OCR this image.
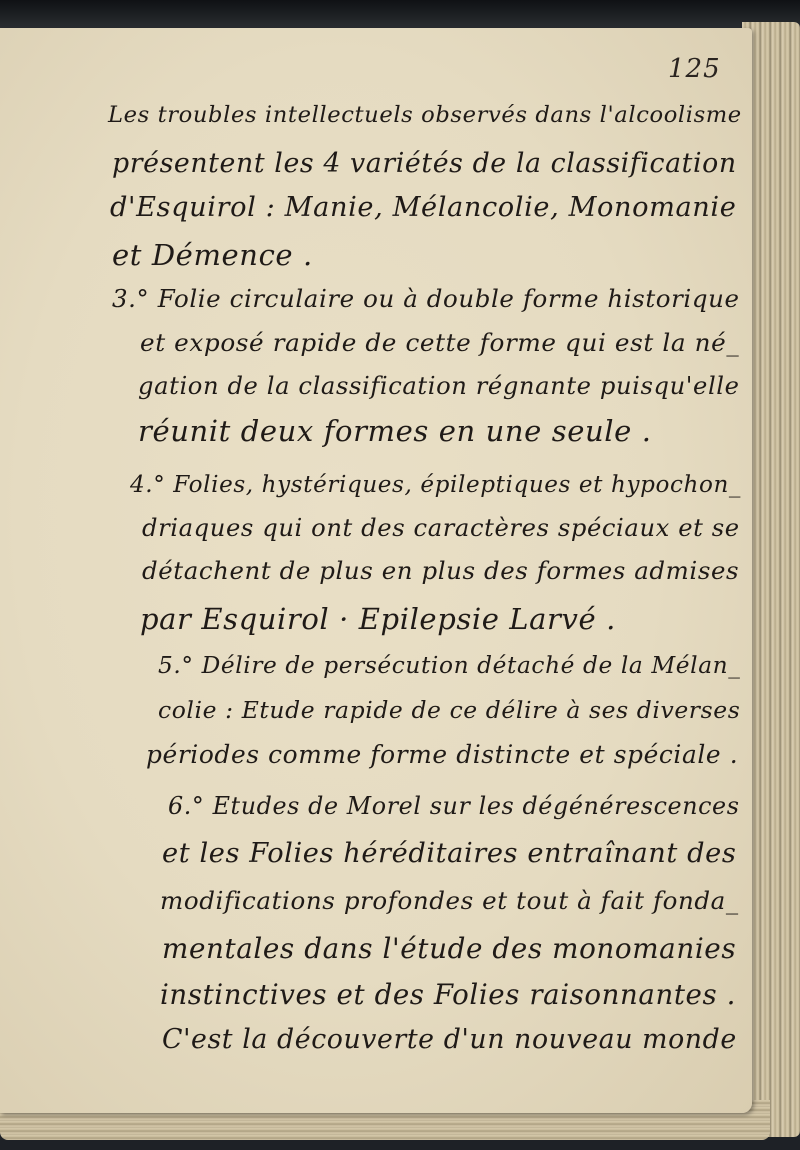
125
Les troubles intellectuels observés dans l'alcoolisme
présentent les 4 variétés de la classification
d'Esquirol : Manie, Mélancolie, Monomanie
et Démence .
3.° Folie circulaire ou à double forme historique
et exposé rapide de cette forme qui est la né_
gation de la classification régnante puisqu'elle
réunit deux formes en une seule .
4.° Folies, hystériques, épileptiques et hypochon_
driaques qui ont des caractères spéciaux et se
détachent de plus en plus des formes admises
par Esquirol · Epilepsie Larvé .
5.° Délire de persécution détaché de la Mélan_
colie : Etude rapide de ce délire à ses diverses
périodes comme forme distincte et spéciale .
6.° Etudes de Morel sur les dégénérescences
et les Folies héréditaires entraînant des
modifications profondes et tout à fait fonda_
mentales dans l'étude des monomanies
instinctives et des Folies raisonnantes .
C'est la découverte d'un nouveau monde
